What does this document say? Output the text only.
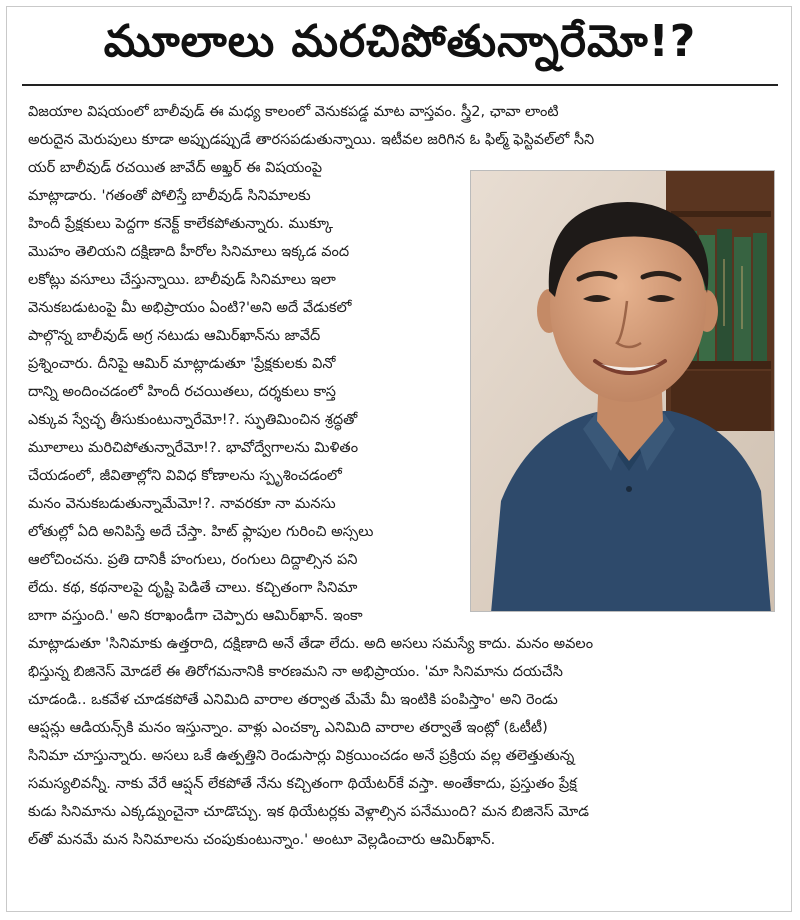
మూలాలు మరచిపోతున్నారేమో!?
విజయాల విషయంలో బాలీవుడ్ ఈ మధ్య కాలంలో వెనుకపడ్డ మాట వాస్తవం. స్త్రీ2, ఛావా లాంటి
అరుదైన మెరుపులు కూడా అప్పుడప్పుడే తారసపడుతున్నాయి. ఇటీవల జరిగిన ఓ ఫిల్మ్ ఫెస్టివల్‌లో సీని
యర్ బాలీవుడ్ రచయిత జావేద్ అఖ్తర్ ఈ విషయంపై
మాట్లాడారు. 'గతంతో పోలిస్తే బాలీవుడ్ సినిమాలకు
హిందీ ప్రేక్షకులు పెద్దగా కనెక్ట్ కాలేకపోతున్నారు. ముక్కూ
మొహం తెలియని దక్షిణాది హీరోల సినిమాలు ఇక్కడ వంద
లకోట్లు వసూలు చేస్తున్నాయి. బాలీవుడ్ సినిమాలు ఇలా
వెనుకబడుటంపై మీ అభిప్రాయం ఏంటి?'అని అదే వేడుకలో
పాల్గొన్న బాలీవుడ్ అగ్ర నటుడు ఆమిర్‌ఖాన్‌ను జావేద్
ప్రశ్నించారు. దీనిపై ఆమిర్ మాట్లాడుతూ 'ప్రేక్షకులకు వినో
దాన్ని అందించడంలో హిందీ రచయితలు, దర్శకులు కాస్త
ఎక్కువ స్వేచ్ఛ తీసుకుంటున్నారేమో!?. స్ఫుతిమించిన శ్రద్ధతో
మూలాలు మరిచిపోతున్నారేమో!?. భావోద్వేగాలను మిళితం
చేయడంలో, జీవితాల్లోని వివిధ కోణాలను స్పృశించడంలో
మనం వెనుకబడుతున్నామేమో!?. నావరకూ నా మనసు
లోతుల్లో ఏది అనిపిస్తే అదే చేస్తా. హిట్ ఫ్లాపుల గురించి అస్సలు
ఆలోచించను. ప్రతి దానికీ హంగులు, రంగులు దిద్దాల్సిన పని
లేదు. కథ, కథనాలపై దృష్టి పెడితే చాలు. కచ్చితంగా సినిమా
బాగా వస్తుంది.' అని కరాఖండీగా చెప్పారు ఆమిర్‌ఖాన్. ఇంకా
మాట్లాడుతూ 'సినిమాకు ఉత్తరాది, దక్షిణాది అనే తేడా లేదు. అది అసలు సమస్యే కాదు. మనం అవలం
భిస్తున్న బిజినెస్ మోడలే ఈ తిరోగమనానికి కారణమని నా అభిప్రాయం. 'మా సినిమాను దయచేసి
చూడండి.. ఒకవేళ చూడకపోతే ఎనిమిది వారాల తర్వాత మేమే మీ ఇంటికి పంపిస్తాం' అని రెండు
ఆప్షన్లు ఆడియన్స్‌కి మనం ఇస్తున్నాం. వాళ్లు ఎంచక్కా ఎనిమిది వారాల తర్వాతే ఇంట్లో (ఓటీటీ)
సినిమా చూస్తున్నారు. అసలు ఒకే ఉత్పత్తిని రెండుసార్లు విక్రయించడం అనే ప్రక్రియ వల్ల తలెత్తుతున్న
సమస్యలివన్నీ. నాకు వేరే ఆప్షన్ లేకపోతే నేను కచ్చితంగా థియేటర్‌కే వస్తా. అంతేకాదు, ప్రస్తుతం ప్రేక్ష
కుడు సినిమాను ఎక్కడ్నుంచైనా చూడొచ్చు. ఇక థియేటర్లకు వెళ్లాల్సిన పనేముంది? మన బిజినెస్ మోడ
ల్‌తో మనమే మన సినిమాలను చంపుకుంటున్నాం.' అంటూ వెల్లడించారు ఆమిర్‌ఖాన్.
